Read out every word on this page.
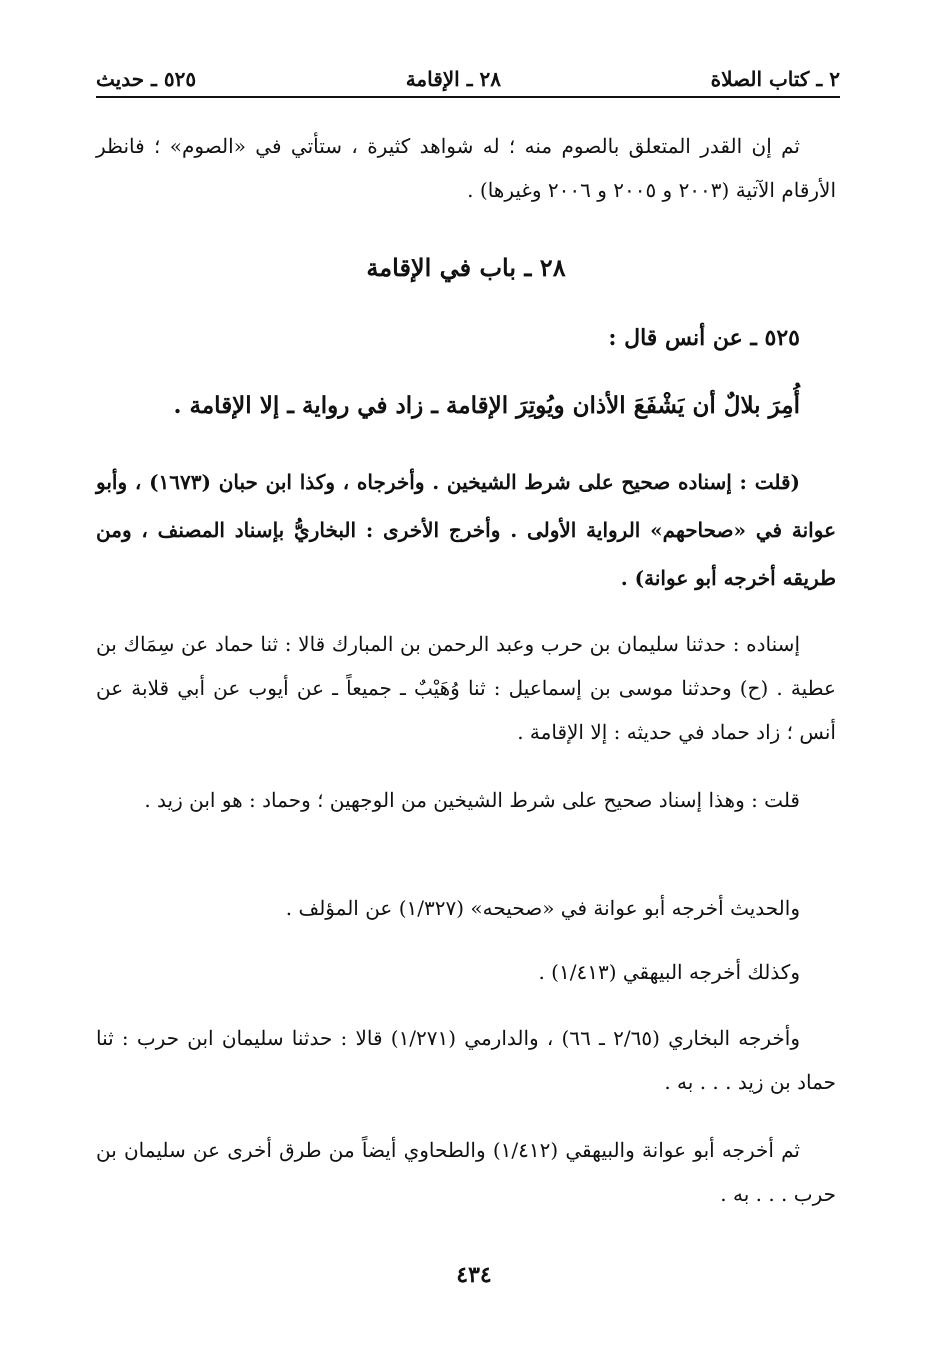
٢ ـ كتاب الصلاة
٢٨ ـ الإقامة
٥٢٥ ـ حديث

ثم إن القدر المتعلق بالصوم منه ؛ له شواهد كثيرة ، ستأتي في «الصوم» ؛ فانظر الأرقام الآتية (٢٠٠٣ و ٢٠٠٥ و ٢٠٠٦ وغيرها) .

٢٨ ـ باب في الإقامة

٥٢٥ ـ عن أنس قال :

أُمِرَ بلالٌ أن يَشْفَعَ الأذان ويُوتِرَ الإقامة ـ زاد في رواية ـ إلا الإقامة .

(قلت : إسناده صحيح على شرط الشيخين . وأخرجاه ، وكذا ابن حبان (١٦٧٣) ، وأبو عوانة في «صحاحهم» الرواية الأولى . وأخرج الأخرى : البخاريُّ بإسناد المصنف ، ومن طريقه أخرجه أبو عوانة) .

إسناده : حدثنا سليمان بن حرب وعبد الرحمن بن المبارك قالا : ثنا حماد عن سِمَاك بن عطية . (ح) وحدثنا موسى بن إسماعيل : ثنا وُهَيْبٌ ـ جميعاً ـ عن أيوب عن أبي قلابة عن أنس ؛ زاد حماد في حديثه : إلا الإقامة .

قلت : وهذا إسناد صحيح على شرط الشيخين من الوجهين ؛ وحماد : هو ابن زيد .

والحديث أخرجه أبو عوانة في «صحيحه» (١/٣٢٧) عن المؤلف .

وكذلك أخرجه البيهقي (١/٤١٣) .

وأخرجه البخاري (٢/٦٥ ـ ٦٦) ، والدارمي (١/٢٧١) قالا : حدثنا سليمان ابن حرب : ثنا حماد بن زيد . . . به .

ثم أخرجه أبو عوانة والبيهقي (١/٤١٢) والطحاوي أيضاً من طرق أخرى عن سليمان بن حرب . . . به .

٤٣٤
